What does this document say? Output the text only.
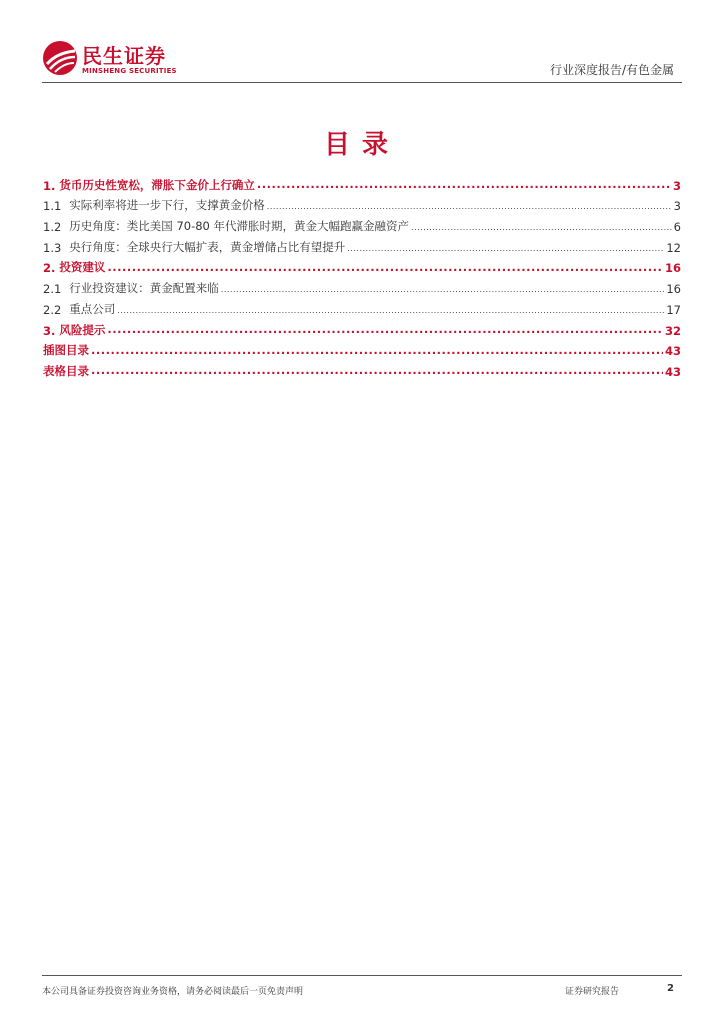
民生证券
MINSHENG SECURITIES	行业深度报告/有色金属
目录
1. 货币历史性宽松，滞胀下金价上行确立 .....	3
1.1 实际利率将进一步下行，支撑黄金价格 .....	3
1.2 历史角度：类比美国 70-80 年代滞胀时期，黄金大幅跑赢金融资产 .....	6
1.3 央行角度：全球央行大幅扩表，黄金增储占比有望提升 .....	12
2. 投资建议 .....	16
2.1 行业投资建议：黄金配置来临 .....	16
2.2 重点公司 .....	17
3. 风险提示 .....	32
插图目录 .....	43
表格目录 .....	43
本公司具备证券投资咨询业务资格，请务必阅读最后一页免责声明	证券研究报告	2
